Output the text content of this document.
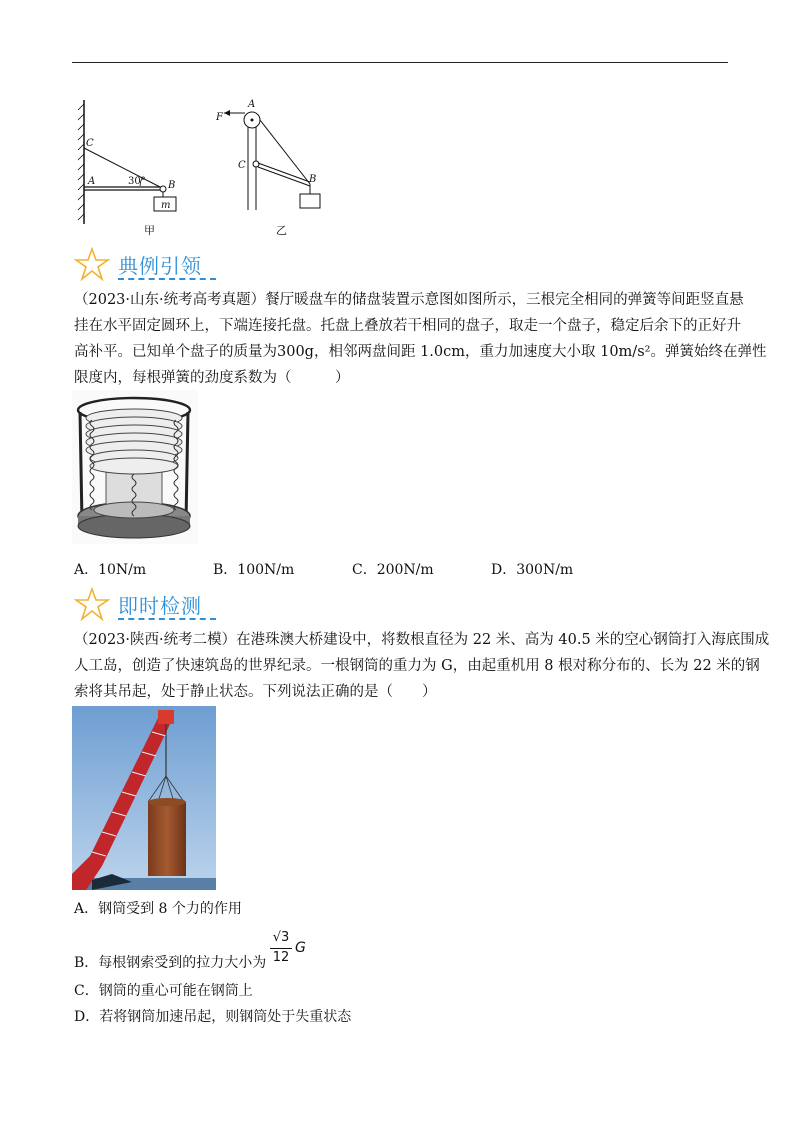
C
A	B
m
30°
甲
A
F
C
B
乙
典例引领
（2023·山东·统考高考真题）餐厅暖盘车的储盘装置示意图如图所示，三根完全相同的弹簧等间距竖直悬
挂在水平固定圆环上，下端连接托盘。托盘上叠放若干相同的盘子，取走一个盘子，稳定后余下的正好升
高补平。已知单个盘子的质量为300g，相邻两盘间距 1.0cm，重力加速度大小取 10m/s²。弹簧始终在弹性
限度内，每根弹簧的劲度系数为（　　　）
A．10N/m	B．100N/m	C．200N/m	D．300N/m
即时检测
（2023·陕西·统考二模）在港珠澳大桥建设中，将数根直径为 22 米、高为 40.5 米的空心钢筒打入海底围成
人工岛，创造了快速筑岛的世界纪录。一根钢筒的重力为 G，由起重机用 8 根对称分布的、长为 22 米的钢
索将其吊起，处于静止状态。下列说法正确的是（　　）
A．钢筒受到 8 个力的作用
B．每根钢索受到的拉力大小为
√3
12
G
C．钢筒的重心可能在钢筒上
D．若将钢筒加速吊起，则钢筒处于失重状态
